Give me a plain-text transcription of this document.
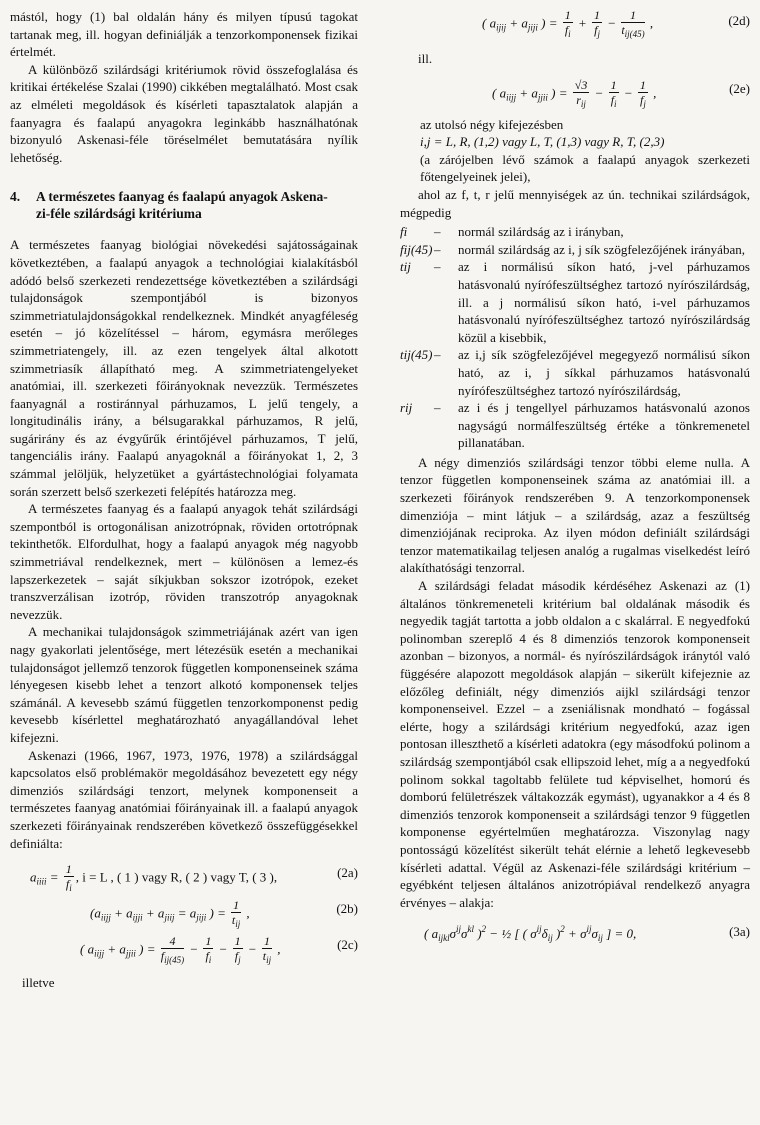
mástól, hogy (1) bal oldalán hány és milyen típusú tagokat tartanak meg, ill. hogyan definiálják a tenzorkomponensek fizikai értelmét.

A különböző szilárdsági kritériumok rövid összefoglalása és kritikai értékelése Szalai (1990) cikkében megtalálható. Most csak az elméleti megoldások és kísérleti tapasztalatok alapján a faanyagra és faalapú anyagokra leginkább használhatónak bizonyuló Askenasi-féle töréselmélet bemutatására nyílik lehetőség.

4. A természetes faanyag és faalapú anyagok Askena-
zi-féle szilárdsági kritériuma

A természetes faanyag biológiai növekedési sajátosságainak következtében, a faalapú anyagok a technológiai kialakításból adódó belső szerkezeti rendezettsége következtében a szilárdsági tulajdonságok szempontjából is bizonyos szimmetriatulajdonságokkal rendelkeznek. Mindkét anyagféleség esetén – jó közelítéssel – három, egymásra merőleges szimmetriatengely, ill. az ezen tengelyek által alkotott szimmetriasík állapítható meg. A szimmetriatengelyeket anatómiai, ill. szerkezeti főirányoknak nevezzük. Természetes faanyagnál a rostiránnyal párhuzamos, L jelű tengely, a longitudinális irány, a bélsugarakkal párhuzamos, R jelű, sugárirány és az évgyűrűk érintőjével párhuzamos, T jelű, tangenciális irány. Faalapú anyagoknál a főirányokat 1, 2, 3 számmal jelöljük, helyzetüket a gyártástechnológiai folyamata során szerzett belső szerkezeti felépítés határozza meg.

A természetes faanyag és a faalapú anyagok tehát szilárdsági szempontból is ortogonálisan anizotrópnak, röviden ortotrópnak tekinthetők. Elfordulhat, hogy a faalapú anyagok még nagyobb szimmetriával rendelkeznek, mert – különösen a lemez-és lapszerkezetek – saját síkjukban sokszor izotrópok, ezeket transzverzálisan izotróp, röviden transzotróp anyagoknak nevezzük.

A mechanikai tulajdonságok szimmetriájának azért van igen nagy gyakorlati jelentősége, mert létezésük esetén a mechanikai tulajdonságot jellemző tenzorok független komponenseinek száma lényegesen kisebb lehet a tenzort alkotó komponensek teljes számánál. A kevesebb számú független tenzorkomponenst pedig kevesebb kísérlettel meghatározható anyagállandóval lehet kifejezni.

Askenazi (1966, 1967, 1973, 1976, 1978) a szilárdsággal kapcsolatos első problémakör megoldásához bevezetett egy négy dimenziós szilárdsági tenzort, melynek komponenseit a természetes faanyag anatómiai főirányainak ill. a faalapú anyagok szerkezeti főirányainak rendszerében következő összefüggésekkel definiálta:

$a_{iiii} = \frac{1}{f_i}$ , i = L , ( 1 ) vagy R, ( 2 ) vagy T, ( 3 ),	(2a)
($a_{iijj} + a_{ijji} + a_{jiij} = a_{jiji}$ ) = $\frac{1}{t_{ij}}$ ,	(2b)
( $a_{iijj} + a_{jjii}$ ) = $\frac{4}{f_{ij(45)}} - \frac{1}{f_i} - \frac{1}{f_j} - \frac{1}{t_{ij}}$ ,	(2c)

illetve

( $a_{ijij} + a_{jiji}$ ) = $\frac{1}{f_i} + \frac{1}{f_j} - \frac{1}{t_{ij(45)}}$ ,	(2d)

ill.

( $a_{iijj} + a_{jjii}$ ) = $\frac{√3}{r_{ij}} - \frac{1}{f_i} - \frac{1}{f_j}$ ,	(2e)

az utolsó négy kifejezésben

i,j = L, R, (1,2) vagy L, T, (1,3) vagy R, T, (2,3)

(a zárójelben lévő számok a faalapú anyagok szerkezeti főtengelyeinek jelei),

ahol az f, t, r jelű mennyiségek az ún. technikai szilárdságok, mégpedig

fi	–	normál szilárdság az i irányban,
fij(45) –	normál szilárdság az i, j sík szögfelezőjének irányában,
tij	–	az i normálisú síkon ható, j-vel párhuzamos hatásvonalú nyírófeszültséghez tartozó nyírószilárdság, ill. a j normálisú síkon ható, i-vel párhuzamos hatásvonalú nyírófeszültséghez tartozó nyírószilárdság közül a kisebbik,
tij(45) –	az i,j sík szögfelezőjével megegyező normálisú síkon ható, az i, j síkkal párhuzamos hatásvonalú nyírófeszültséghez tartozó nyírószilárdság,
rij	–	az i és j tengellyel párhuzamos hatásvonalú azonos nagyságú normálfeszültség értéke a tönkremenetel pillanatában.

A négy dimenziós szilárdsági tenzor többi eleme nulla. A tenzor független komponenseinek száma az anatómiai ill. a szerkezeti főirányok rendszerében 9. A tenzorkomponensek dimenziója – mint látjuk – a szilárdság, azaz a feszültség dimenziójának reciproka. Az ilyen módon definiált szilárdsági tenzor matematikailag teljesen analóg a rugalmas viselkedést leíró alakíthatósági tenzorral.

A szilárdsági feladat második kérdéséhez Askenazi az (1) általános tönkremeneteli kritérium bal oldalának második és negyedik tagját tartotta a jobb oldalon a c skalárral. E negyedfokú polinomban szereplő 4 és 8 dimenziós tenzorok komponenseit azonban – bizonyos, a normál- és nyírószilárdságok iránytól való függésére alapozott megoldások alapján – sikerült kifejeznie az előzőleg definiált, négy dimenziós aijkl szilárdsági tenzor komponenseivel. Ezzel – a zseniálisnak mondható – fogással elérte, hogy a szilárdsági kritérium negyedfokú, azaz igen pontosan illeszthető a kísérleti adatokra (egy másodfokú polinom a szilárdság szempontjából csak ellipszoid lehet, míg a a negyedfokú polinom sokkal tagoltabb felülete tud képviselhet, homorú és domború felületrészek váltakozzák egymást), ugyanakkor a 4 és 8 dimenziós tenzorok komponenseit a szilárdsági tenzor 9 független komponense egyértelműen meghatározza. Viszonylag nagy pontosságú közelítést sikerült tehát elérnie a lehető legkevesebb kísérleti adattal. Végül az Askenazi-féle szilárdsági kritérium – egyébként teljesen általános anizotrópiával rendelkező anyagra érvényes – alakja:

( $a_{ijkl}\sigma^{ij}\sigma^{kl}$ )$^2$ − ½ [ ( $\sigma^{ij}\delta_{ij}$ )$^2 + \sigma^{ij}\sigma_{ij}$ ] = 0,	(3a)
